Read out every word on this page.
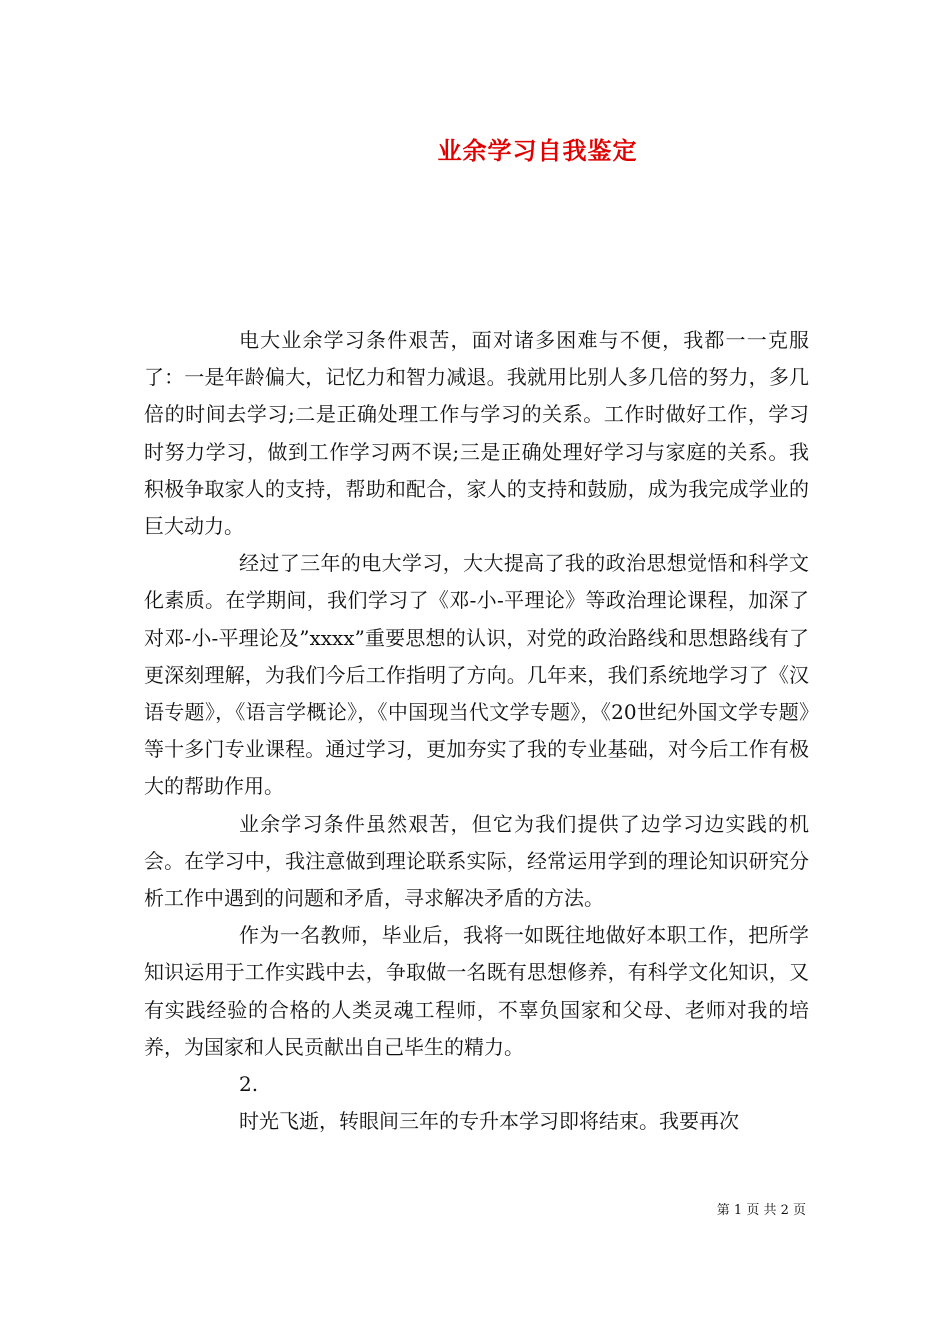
业余学习自我鉴定

电大业余学习条件艰苦，面对诸多困难与不便，我都一一克服了：一是年龄偏大，记忆力和智力减退。我就用比别人多几倍的努力，多几倍的时间去学习;二是正确处理工作与学习的关系。工作时做好工作，学习时努力学习，做到工作学习两不误;三是正确处理好学习与家庭的关系。我积极争取家人的支持，帮助和配合，家人的支持和鼓励，成为我完成学业的巨大动力。

经过了三年的电大学习，大大提高了我的政治思想觉悟和科学文化素质。在学期间，我们学习了《邓-小-平理论》等政治理论课程，加深了对邓-小-平理论及”xxxx”重要思想的认识，对党的政治路线和思想路线有了更深刻理解，为我们今后工作指明了方向。几年来，我们系统地学习了《汉语专题》，《语言学概论》，《中国现当代文学专题》，《20世纪外国文学专题》等十多门专业课程。通过学习，更加夯实了我的专业基础，对今后工作有极大的帮助作用。

业余学习条件虽然艰苦，但它为我们提供了边学习边实践的机会。在学习中，我注意做到理论联系实际，经常运用学到的理论知识研究分析工作中遇到的问题和矛盾，寻求解决矛盾的方法。

作为一名教师，毕业后，我将一如既往地做好本职工作，把所学知识运用于工作实践中去，争取做一名既有思想修养，有科学文化知识，又有实践经验的合格的人类灵魂工程师，不辜负国家和父母、老师对我的培养，为国家和人民贡献出自己毕生的精力。

2.

时光飞逝，转眼间三年的专升本学习即将结束。我要再次

第 1 页 共 2 页
